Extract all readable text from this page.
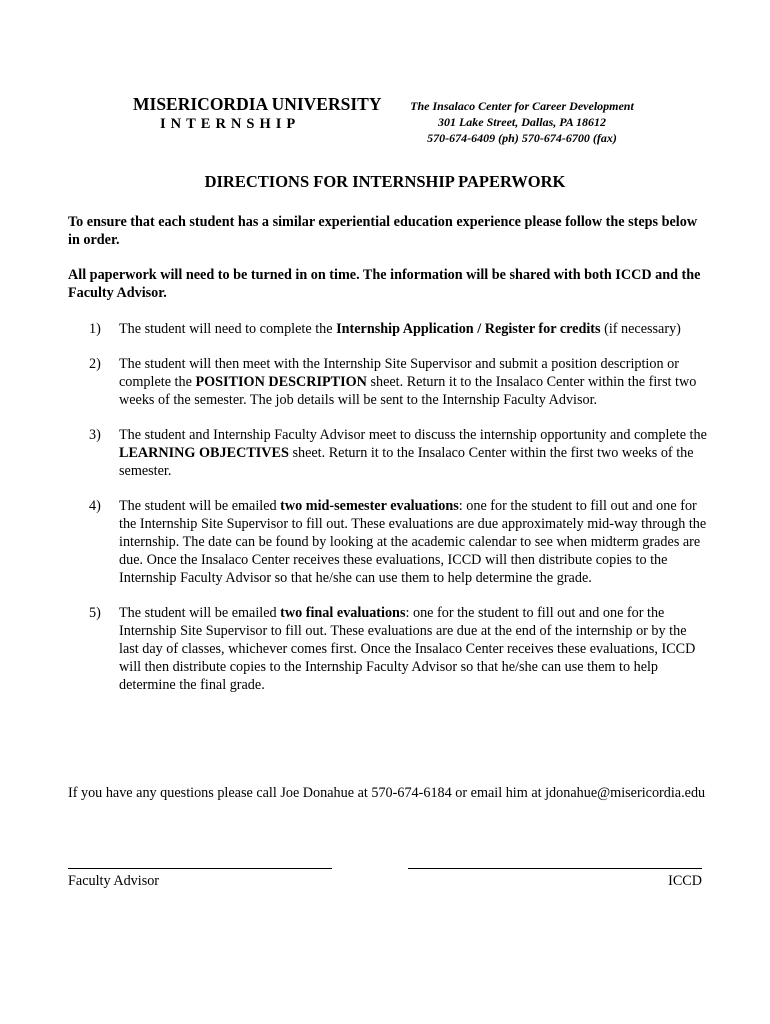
MISERICORDIA UNIVERSITY
INTERNSHIP
The Insalaco Center for Career Development
301 Lake Street, Dallas, PA 18612
570-674-6409 (ph) 570-674-6700 (fax)
DIRECTIONS FOR INTERNSHIP PAPERWORK
To ensure that each student has a similar experiential education experience please follow the steps below in order.
All paperwork will need to be turned in on time. The information will be shared with both ICCD and the Faculty Advisor.
1) The student will need to complete the Internship Application / Register for credits (if necessary)
2) The student will then meet with the Internship Site Supervisor and submit a position description or complete the POSITION DESCRIPTION sheet. Return it to the Insalaco Center within the first two weeks of the semester. The job details will be sent to the Internship Faculty Advisor.
3) The student and Internship Faculty Advisor meet to discuss the internship opportunity and complete the LEARNING OBJECTIVES sheet. Return it to the Insalaco Center within the first two weeks of the semester.
4) The student will be emailed two mid-semester evaluations: one for the student to fill out and one for the Internship Site Supervisor to fill out. These evaluations are due approximately mid-way through the internship. The date can be found by looking at the academic calendar to see when midterm grades are due. Once the Insalaco Center receives these evaluations, ICCD will then distribute copies to the Internship Faculty Advisor so that he/she can use them to help determine the grade.
5) The student will be emailed two final evaluations: one for the student to fill out and one for the Internship Site Supervisor to fill out. These evaluations are due at the end of the internship or by the last day of classes, whichever comes first. Once the Insalaco Center receives these evaluations, ICCD will then distribute copies to the Internship Faculty Advisor so that he/she can use them to help determine the final grade.
If you have any questions please call Joe Donahue at 570-674-6184 or email him at jdonahue@misericordia.edu
Faculty Advisor	ICCD
